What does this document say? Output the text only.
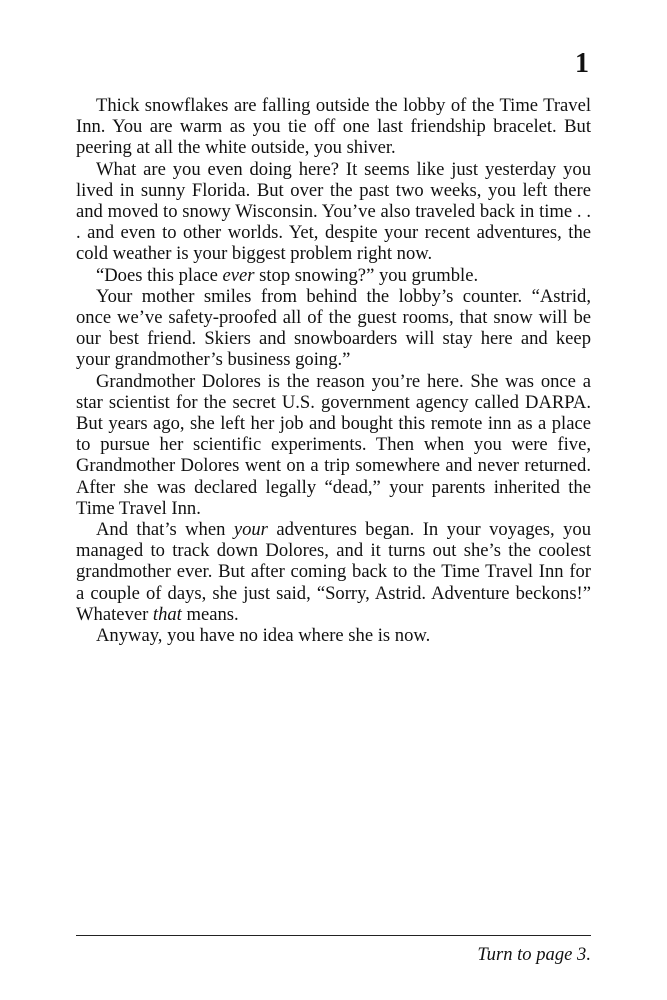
1

Thick snowflakes are falling outside the lobby of the Time Travel Inn. You are warm as you tie off one last friendship bracelet. But peering at all the white outside, you shiver.

What are you even doing here? It seems like just yesterday you lived in sunny Florida. But over the past two weeks, you left there and moved to snowy Wisconsin. You’ve also traveled back in time . . . and even to other worlds. Yet, despite your recent adventures, the cold weather is your biggest problem right now.

“Does this place ever stop snowing?” you grumble.

Your mother smiles from behind the lobby’s counter. “Astrid, once we’ve safety-proofed all of the guest rooms, that snow will be our best friend. Skiers and snowboarders will stay here and keep your grandmother’s business going.”

Grandmother Dolores is the reason you’re here. She was once a star scientist for the secret U.S. government agency called DARPA. But years ago, she left her job and bought this remote inn as a place to pursue her scientific experiments. Then when you were five, Grandmother Dolores went on a trip somewhere and never returned. After she was declared legally “dead,” your parents inherited the Time Travel Inn.

And that’s when your adventures began. In your voyages, you managed to track down Dolores, and it turns out she’s the coolest grandmother ever. But after coming back to the Time Travel Inn for a couple of days, she just said, “Sorry, Astrid. Adventure beckons!” Whatever that means.

Anyway, you have no idea where she is now.

Turn to page 3.
